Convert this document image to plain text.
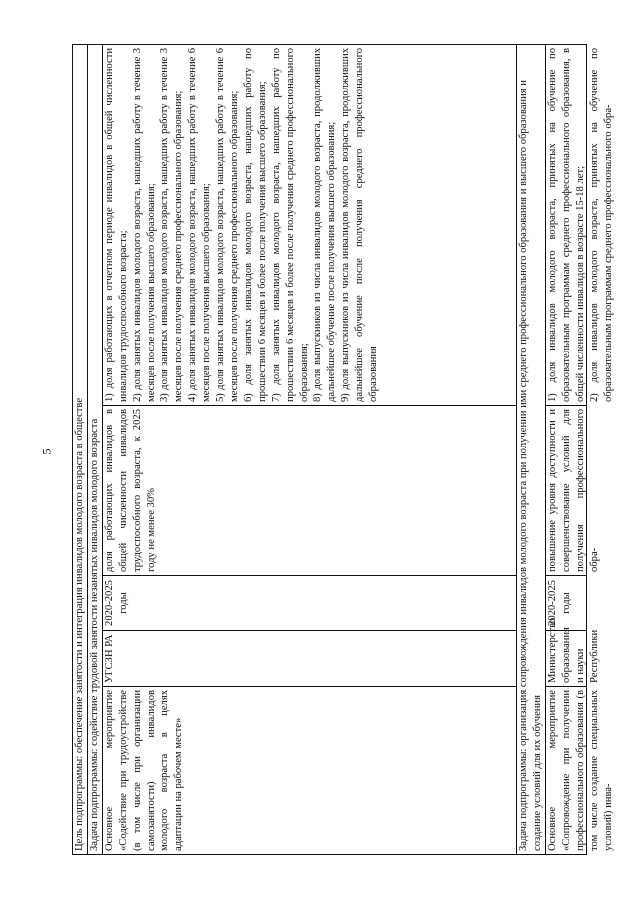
5 Цель подпрограммы: обеспечение занятости и интеграция инвалидов молодого возраста в обществе Задача подпрограммы: содействие трудовой занятости незанятых инвалидов молодого возраста Основное мероприятие «Содействие при трудоустройстве (в том числе при организации самозанятости) инвалидов молодого возраста в целях адаптации на рабочем месте»
УГСЗН РА
2020-2025 годы
доля работающих инвалидов в общей численности инвалидов трудоспособного возраста, к 2025 году не менее 30%
1) доля работающих в отчетном периоде инвалидов в общей численности инвалидов трудоспособного возраста; 2) доля занятых инвалидов молодого возраста, нашедших работу в течение 3 месяцев после получения высшего образования; 3) доля занятых инвалидов молодого возраста, нашедших работу в течение 3 месяцев после получения среднего профессионального образования; 4) доля занятых инвалидов молодого возраста, нашедших работу в течение 6 месяцев после получения высшего образования; 5) доля занятых инвалидов молодого возраста, нашедших работу в течение 6 месяцев после получения среднего профессионального образования; 6) доля занятых инвалидов молодого возраста, нашедших работу по прошествии 6 месяцев и более после получения высшего образования; 7) доля занятых инвалидов молодого возраста, нашедших работу по прошествии 6 месяцев и более после получения среднего профессионального образования; 8) доля выпускников из числа инвалидов молодого возраста, продолживших дальнейшее обучение после получения высшего образования; 9) доля выпускников из числа инвалидов молодого возраста, продолживших дальнейшее обучение после получения среднего профессионального образования	Задача подпрограммы: организация сопровождения инвалидов молодого возраста при получении ими среднего профессионального образования и высшего образования и создание условий для их обучения Основное мероприятие «Сопровождение при получении профессионального образования (в том числе создание специальных условий) инва-
Министерство образования и науки Республики
2020-2025 годы
повышение уровня доступности и совершенствование условий для получения профессионального обра-
1) доля инвалидов молодого возраста, принятых на обучение по образовательным программам среднего профессионального образования, в общей численности инвалидов в возрасте 15-18 лет; 2) доля инвалидов молодого возраста, принятых на обучение по образовательным программам среднего профессионального обра-
